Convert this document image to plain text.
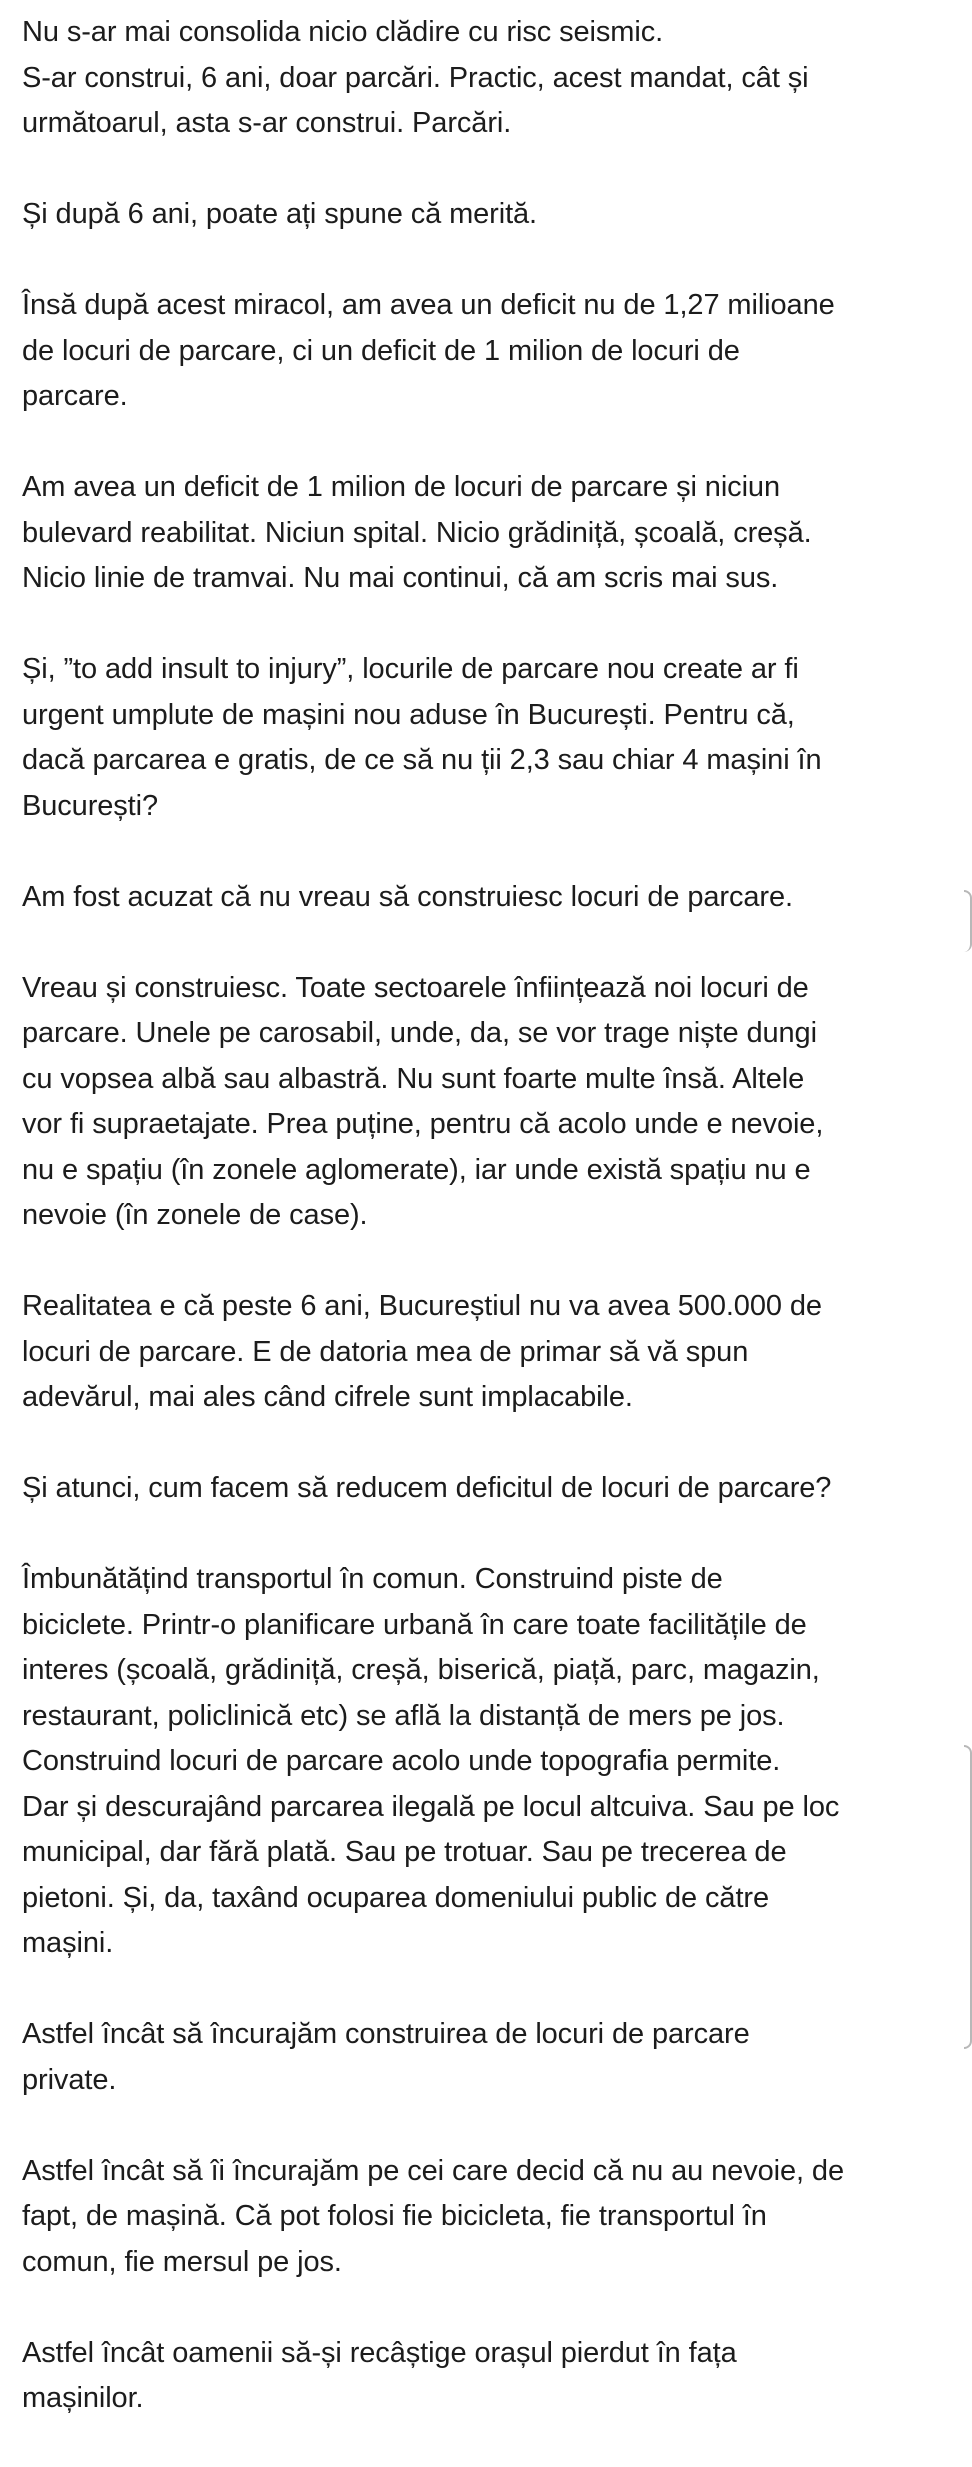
Nu s-ar mai consolida nicio clădire cu risc seismic.
S-ar construi, 6 ani, doar parcări. Practic, acest mandat, cât și
următoarul, asta s-ar construi. Parcări.

Și după 6 ani, poate ați spune că merită.

Însă după acest miracol, am avea un deficit nu de 1,27 milioane
de locuri de parcare, ci un deficit de 1 milion de locuri de
parcare.

Am avea un deficit de 1 milion de locuri de parcare și niciun
bulevard reabilitat. Niciun spital. Nicio grădiniță, școală, creșă.
Nicio linie de tramvai. Nu mai continui, că am scris mai sus.

Și, ”to add insult to injury”, locurile de parcare nou create ar fi
urgent umplute de mașini nou aduse în București. Pentru că,
dacă parcarea e gratis, de ce să nu ții 2,3 sau chiar 4 mașini în
București?

Am fost acuzat că nu vreau să construiesc locuri de parcare.

Vreau și construiesc. Toate sectoarele înființează noi locuri de
parcare. Unele pe carosabil, unde, da, se vor trage niște dungi
cu vopsea albă sau albastră. Nu sunt foarte multe însă. Altele
vor fi supraetajate. Prea puține, pentru că acolo unde e nevoie,
nu e spațiu (în zonele aglomerate), iar unde există spațiu nu e
nevoie (în zonele de case).

Realitatea e că peste 6 ani, Bucureștiul nu va avea 500.000 de
locuri de parcare. E de datoria mea de primar să vă spun
adevărul, mai ales când cifrele sunt implacabile.

Și atunci, cum facem să reducem deficitul de locuri de parcare?

Îmbunătățind transportul în comun. Construind piste de
biciclete. Printr-o planificare urbană în care toate facilitățile de
interes (școală, grădiniță, creșă, biserică, piață, parc, magazin,
restaurant, policlinică etc) se află la distanță de mers pe jos.
Construind locuri de parcare acolo unde topografia permite.
Dar și descurajând parcarea ilegală pe locul altcuiva. Sau pe loc
municipal, dar fără plată. Sau pe trotuar. Sau pe trecerea de
pietoni. Și, da, taxând ocuparea domeniului public de către
mașini.

Astfel încât să încurajăm construirea de locuri de parcare
private.

Astfel încât să îi încurajăm pe cei care decid că nu au nevoie, de
fapt, de mașină. Că pot folosi fie bicicleta, fie transportul în
comun, fie mersul pe jos.

Astfel încât oamenii să-și recâștige orașul pierdut în fața
mașinilor.
